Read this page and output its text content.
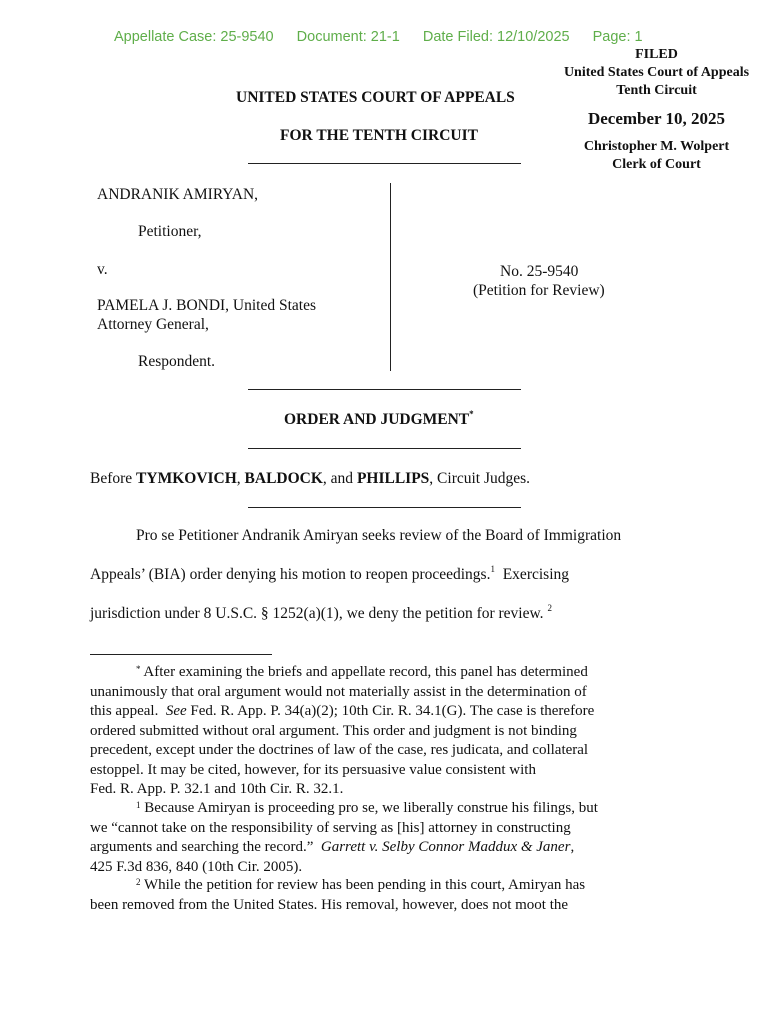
Appellate Case: 25-9540 Document: 21-1 Date Filed: 12/10/2025 Page: 1
FILED
United States Court of Appeals
Tenth Circuit
December 10, 2025
Christopher M. Wolpert
Clerk of Court
UNITED STATES COURT OF APPEALS
FOR THE TENTH CIRCUIT
ANDRANIK AMIRYAN,
Petitioner,
v.
PAMELA J. BONDI, United States
Attorney General,
Respondent.
No. 25-9540
(Petition for Review)
ORDER AND JUDGMENT*
Before TYMKOVICH, BALDOCK, and PHILLIPS, Circuit Judges.
Pro se Petitioner Andranik Amiryan seeks review of the Board of Immigration
Appeals’ (BIA) order denying his motion to reopen proceedings.$^1$  Exercising
jurisdiction under 8 U.S.C. § 1252(a)(1), we deny the petition for review. $^2$
* After examining the briefs and appellate record, this panel has determined
unanimously that oral argument would not materially assist in the determination of
this appeal.  See Fed. R. App. P. 34(a)(2); 10th Cir. R. 34.1(G). The case is therefore
ordered submitted without oral argument. This order and judgment is not binding
precedent, except under the doctrines of law of the case, res judicata, and collateral
estoppel. It may be cited, however, for its persuasive value consistent with
Fed. R. App. P. 32.1 and 10th Cir. R. 32.1.
$^1$ Because Amiryan is proceeding pro se, we liberally construe his filings, but
we “cannot take on the responsibility of serving as [his] attorney in constructing
arguments and searching the record.”  Garrett v. Selby Connor Maddux & Janer,
425 F.3d 836, 840 (10th Cir. 2005).
$^2$ While the petition for review has been pending in this court, Amiryan has
been removed from the United States. His removal, however, does not moot the
